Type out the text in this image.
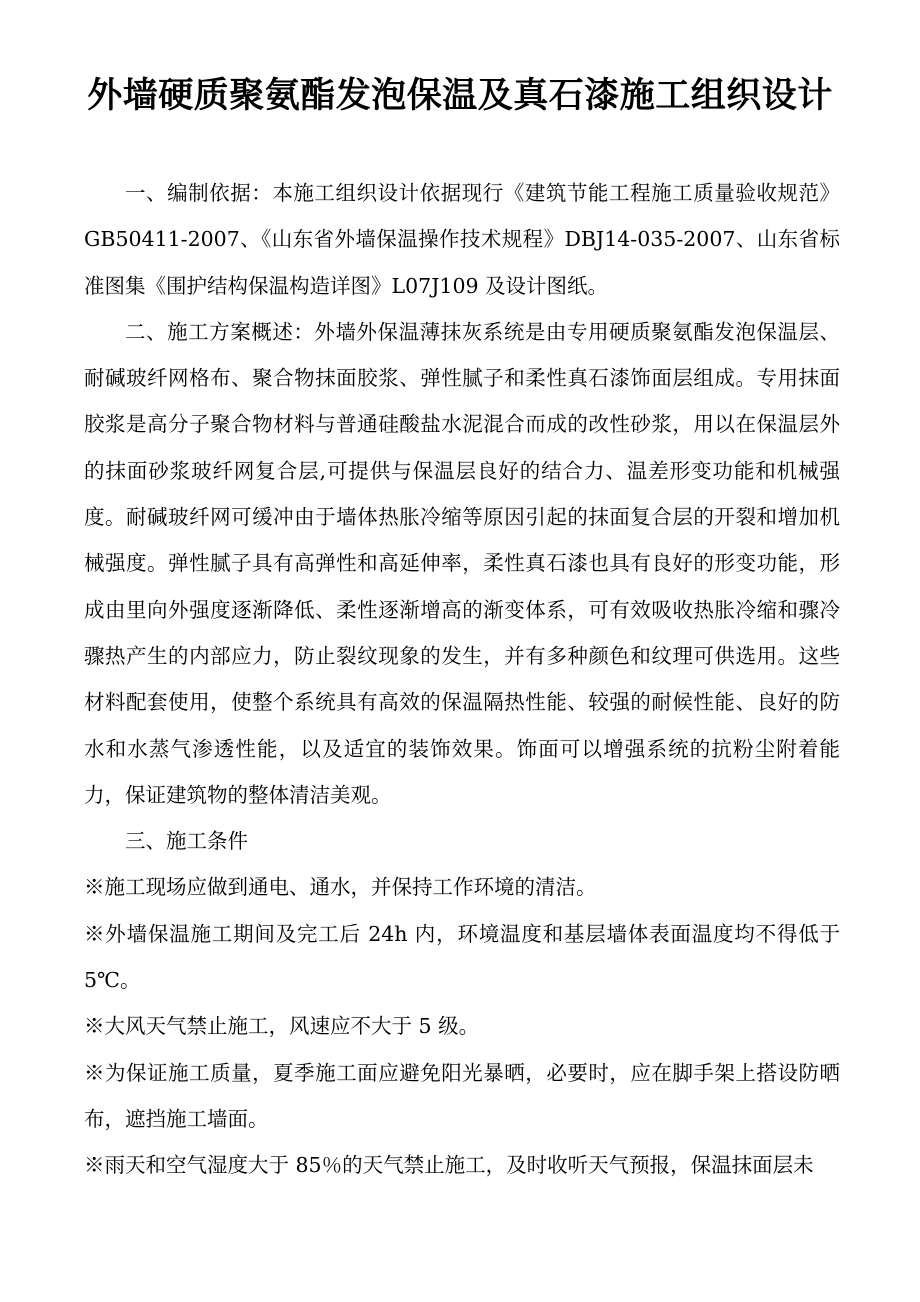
外墙硬质聚氨酯发泡保温及真石漆施工组织设计

一、编制依据：本施工组织设计依据现行《建筑节能工程施工质量验收规范》GB50411-2007、《山东省外墙保温操作技术规程》DBJ14-035-2007、山东省标准图集《围护结构保温构造详图》L07J109 及设计图纸。

二、施工方案概述：外墙外保温薄抹灰系统是由专用硬质聚氨酯发泡保温层、耐碱玻纤网格布、聚合物抹面胶浆、弹性腻子和柔性真石漆饰面层组成。专用抹面胶浆是高分子聚合物材料与普通硅酸盐水泥混合而成的改性砂浆，用以在保温层外的抹面砂浆玻纤网复合层,可提供与保温层良好的结合力、温差形变功能和机械强度。耐碱玻纤网可缓冲由于墙体热胀冷缩等原因引起的抹面复合层的开裂和增加机械强度。弹性腻子具有高弹性和高延伸率，柔性真石漆也具有良好的形变功能，形成由里向外强度逐渐降低、柔性逐渐增高的渐变体系，可有效吸收热胀冷缩和骤冷骤热产生的内部应力，防止裂纹现象的发生，并有多种颜色和纹理可供选用。这些材料配套使用，使整个系统具有高效的保温隔热性能、较强的耐候性能、良好的防水和水蒸气渗透性能，以及适宜的装饰效果。饰面可以增强系统的抗粉尘附着能力，保证建筑物的整体清洁美观。

三、施工条件

※施工现场应做到通电、通水，并保持工作环境的清洁。

※外墙保温施工期间及完工后 24h 内，环境温度和基层墙体表面温度均不得低于5℃。

※大风天气禁止施工，风速应不大于 5 级。

※为保证施工质量，夏季施工面应避免阳光暴晒，必要时，应在脚手架上搭设防晒布，遮挡施工墙面。

※雨天和空气湿度大于 85％的天气禁止施工，及时收听天气预报，保温抹面层未
